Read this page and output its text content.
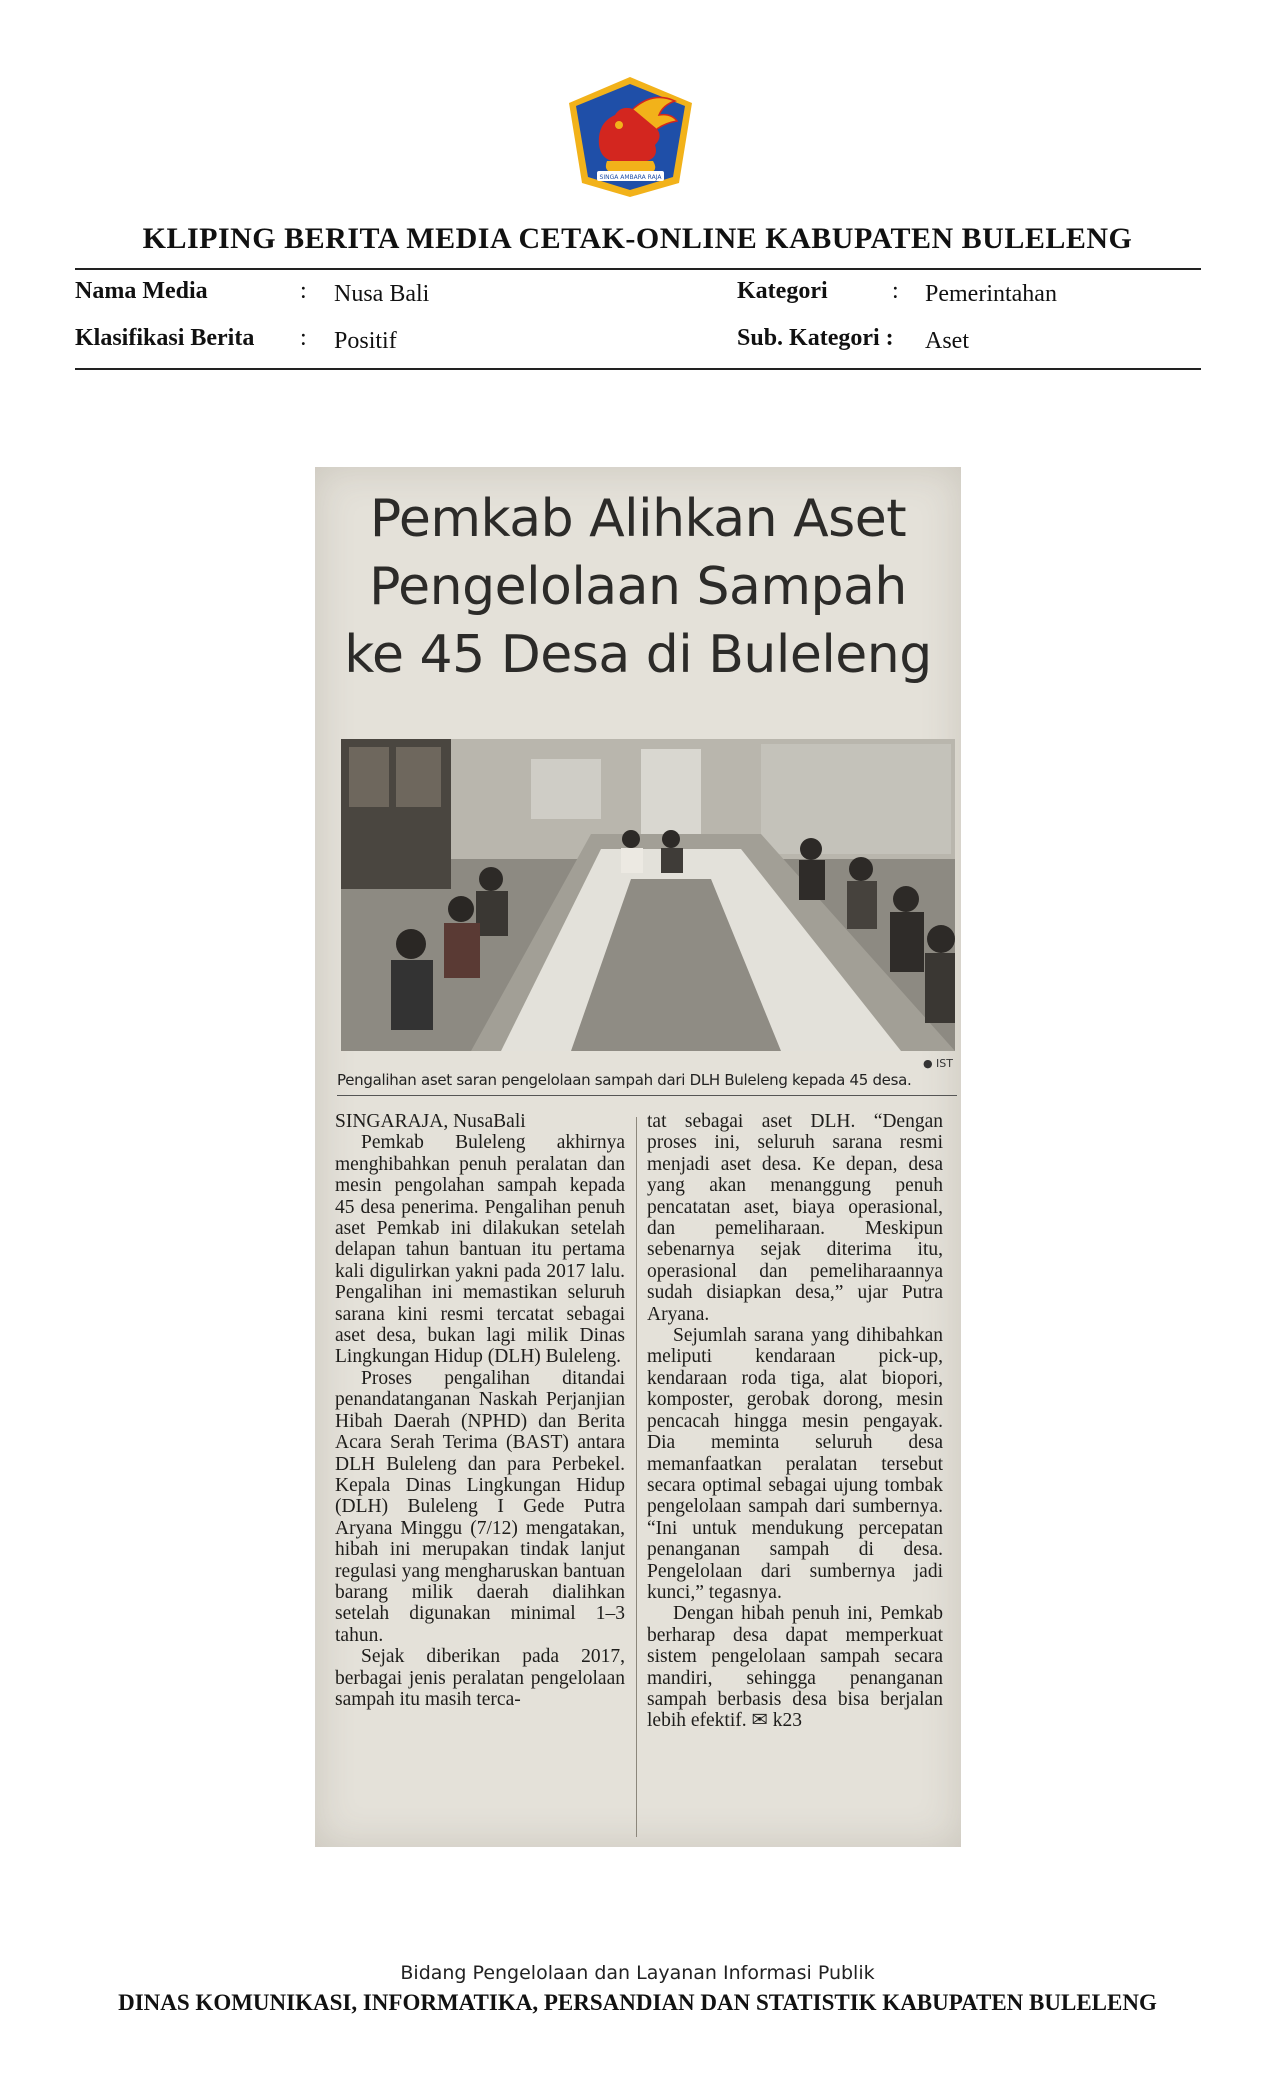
SINGA AMBARA RAJA
KLIPING BERITA MEDIA CETAK-ONLINE KABUPATEN BULELENG
Nama Media	: Nusa Bali	Kategori	: Pemerintahan
Klasifikasi Berita : Positif	Sub. Kategori : Aset
Pemkab Alihkan Aset
Pengelolaan Sampah
ke 45 Desa di Buleleng
● IST
Pengalihan aset saran pengelolaan sampah dari DLH Buleleng kepada 45 desa.

SINGARAJA, NusaBali

Pemkab Buleleng akhirnya menghibahkan penuh peralatan dan mesin pengolahan sampah kepada 45 desa penerima. Pengalihan penuh aset Pemkab ini dilakukan setelah delapan tahun bantuan itu pertama kali digulirkan yakni pada 2017 lalu. Pengalihan ini memastikan seluruh sarana kini resmi tercatat sebagai aset desa, bukan lagi milik Dinas Lingkungan Hidup (DLH) Buleleng.

Proses pengalihan ditandai penandatanganan Naskah Perjanjian Hibah Daerah (NPHD) dan Berita Acara Serah Terima (BAST) antara DLH Buleleng dan para Perbekel. Kepala Dinas Lingkungan Hidup (DLH) Buleleng I Gede Putra Aryana Minggu (7/12) mengatakan, hibah ini merupakan tindak lanjut regulasi yang mengharuskan bantuan barang milik daerah dialihkan setelah digunakan minimal 1–3 tahun.

Sejak diberikan pada 2017, berbagai jenis peralatan pengelolaan sampah itu masih terca-

tat sebagai aset DLH. “Dengan proses ini, seluruh sarana resmi menjadi aset desa. Ke depan, desa yang akan menanggung penuh pencatatan aset, biaya operasional, dan pemeliharaan. Meskipun sebenarnya sejak diterima itu, operasional dan pemeliharaannya sudah disiapkan desa,” ujar Putra Aryana.

Sejumlah sarana yang dihibahkan meliputi kendaraan pick-up, kendaraan roda tiga, alat biopori, komposter, gerobak dorong, mesin pencacah hingga mesin pengayak. Dia meminta seluruh desa memanfaatkan peralatan tersebut secara optimal sebagai ujung tombak pengelolaan sampah dari sumbernya. “Ini untuk mendukung percepatan penanganan sampah di desa. Pengelolaan dari sumbernya jadi kunci,” tegasnya.

Dengan hibah penuh ini, Pemkab berharap desa dapat memperkuat sistem pengelolaan sampah secara mandiri, sehingga penanganan sampah berbasis desa bisa berjalan lebih efektif. ✉ k23

Bidang Pengelolaan dan Layanan Informasi Publik
DINAS KOMUNIKASI, INFORMATIKA, PERSANDIAN DAN STATISTIK KABUPATEN BULELENG
